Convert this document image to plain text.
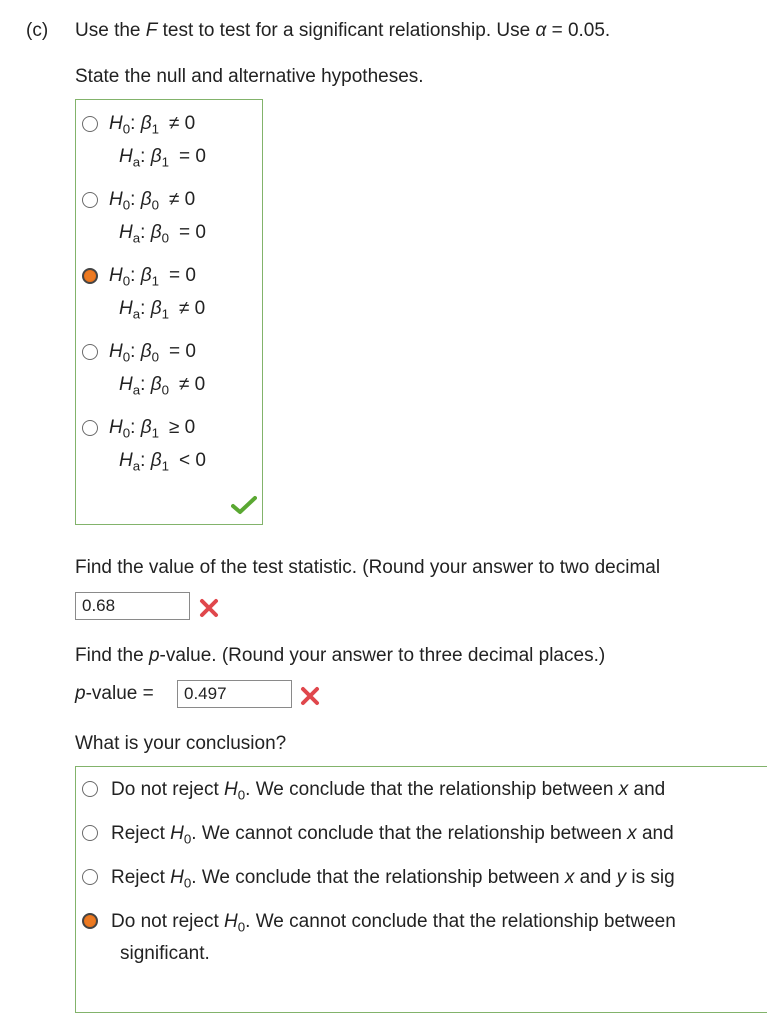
(c) Use the F test to test for a significant relationship. Use α = 0.05.
State the null and alternative hypotheses.
$H_0$: $\beta_1 \ne 0$
$H_a$: $\beta_1 = 0$
$H_0$: $\beta_0 \ne 0$
$H_a$: $\beta_0 = 0$
$H_0$: $\beta_1 = 0$
$H_a$: $\beta_1 \ne 0$
$H_0$: $\beta_0 = 0$
$H_a$: $\beta_0 \ne 0$
$H_0$: $\beta_1 \ge 0$
$H_a$: $\beta_1 < 0$
Find the value of the test statistic. (Round your answer to two decimal
0.68
Find the p-value. (Round your answer to three decimal places.)
p-value =
0.497
What is your conclusion?
Do not reject $H_0$. We conclude that the relationship between x and
Reject $H_0$. We cannot conclude that the relationship between x and
Reject $H_0$. We conclude that the relationship between x and y is sig
Do not reject $H_0$. We cannot conclude that the relationship between
significant.
